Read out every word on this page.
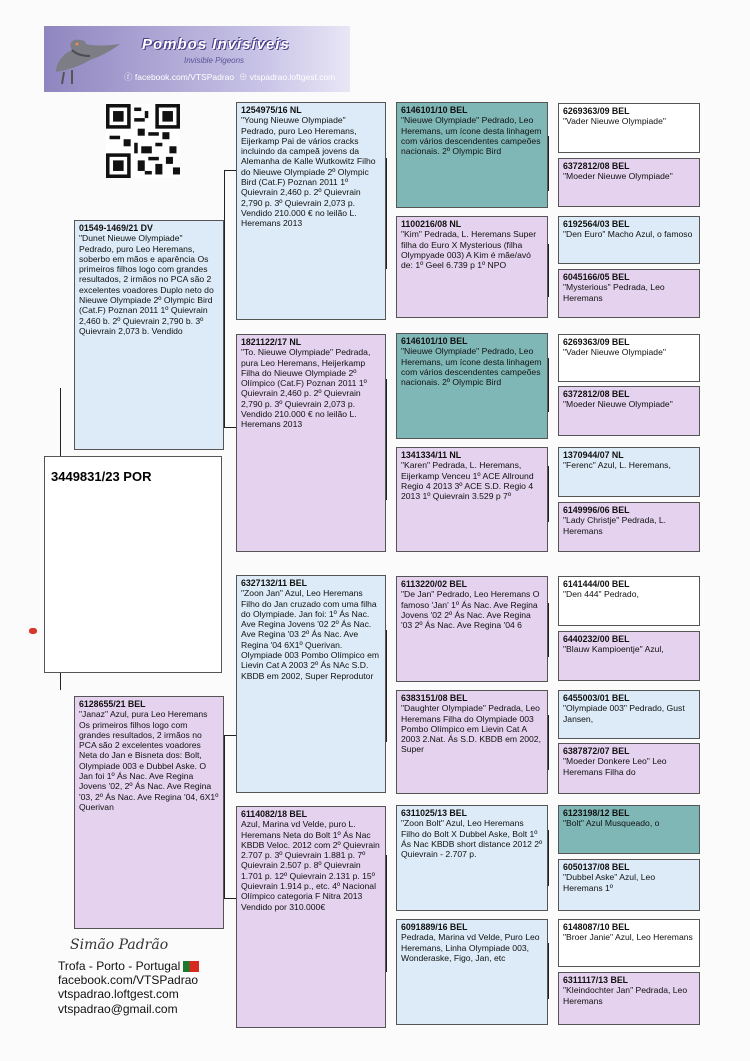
Pombos Invisíveis
Invisible Pigeons
ⓕ facebook.com/VTSPadrao  ⊕ vtspadrao.loftgest.com
01549-1469/21 DV
"Dunet Nieuwe Olympiade" Pedrado, puro Leo Heremans, soberbo em mãos e aparência Os primeiros filhos logo com grandes resultados, 2 irmãos no PCA são 2 excelentes voadores Duplo neto do Nieuwe Olympiade 2º Olympic Bird (Cat.F) Poznan 2011 1º Quievrain 2,460 b. 2º Quievrain 2,790 b. 3º Quievrain 2,073 b. Vendido
3449831/23 POR
6128655/21 BEL
"Janaz" Azul, pura Leo Heremans Os primeiros filhos logo com grandes resultados, 2 irmãos no PCA são 2 excelentes voadores Neta do Jan e Bisneta dos: Bolt, Olympiade 003 e Dubbel Aske. O Jan foi 1º Ás Nac. Ave Regina Jovens '02, 2º Ás Nac. Ave Regina '03, 2º Ás Nac. Ave Regina '04, 6X1º Querivan
1254975/16 NL
"Young Nieuwe Olympiade" Pedrado, puro Leo Heremans, Eijerkamp Pai de vários cracks incluindo da campeã jovens da Alemanha de Kalle Wutkowitz Filho do Nieuwe Olympiade 2º Olympic Bird (Cat.F) Poznan 2011 1º Quievrain 2,460 p. 2º Quievrain 2,790 p. 3º Quievrain 2,073 p. Vendido 210.000 € no leilão L. Heremans 2013
1821122/17 NL
"To. Nieuwe Olympiade" Pedrada, pura Leo Heremans, Heijerkamp Filha do Nieuwe Olympiade 2º Olímpico (Cat.F) Poznan 2011 1º Quievrain 2,460 p. 2º Quievrain 2,790 p. 3º Quievrain 2,073 p. Vendido 210.000 € no leilão L. Heremans 2013
6327132/11 BEL
"Zoon Jan" Azul, Leo Heremans Filho do Jan cruzado com uma filha do Olympiade. Jan foi: 1º Ás Nac. Ave Regina Jovens '02 2º Ás Nac. Ave Regina '03 2º Ás Nac. Ave Regina '04 6X1º Querivan. Olympiade 003 Pombo Olímpico em Lievin Cat A 2003 2º Ás NAc S.D. KBDB em 2002, Super Reprodutor
6114082/18 BEL
Azul, Marina vd Velde, puro L. Heremans Neta do Bolt 1º Ás Nac KBDB Veloc. 2012 com 2º Quievrain 2.707 p. 3º Quievrain 1.881 p. 7º Quievrain 2.507 p. 8º Quievrain 1.701 p. 12º Quievrain 2.131 p. 15º Quievrain 1.914 p., etc. 4º Nacional Olímpico categoria F Nitra 2013 Vendido por 310.000€
6146101/10 BEL
"Nieuwe Olympiade" Pedrado, Leo Heremans, um ícone desta linhagem com vários descendentes campeões nacionais. 2º Olympic Bird
1100216/08 NL
"Kim" Pedrada, L. Heremans Super filha do Euro X Mysterious (filha Olympyade 003) A Kim é mãe/avó de: 1º Geel 6.739 p 1º NPO
6146101/10 BEL
"Nieuwe Olympiade" Pedrado, Leo Heremans, um ícone desta linhagem com vários descendentes campeões nacionais. 2º Olympic Bird
1341334/11 NL
"Karen" Pedrada, L. Heremans, Eijerkamp Venceu 1º ACE Allround Regio 4 2013 3º ACE S.D. Regio 4 2013 1º Quievrain 3.529 p 7º
6113220/02 BEL
"De Jan" Pedrado, Leo Heremans O famoso 'Jan' 1º Ás Nac. Ave Regina Jovens '02 2º Ás Nac. Ave Regina '03 2º Ás Nac. Ave Regina '04 6
6383151/08 BEL
"Daughter Olympiade" Pedrada, Leo Heremans Filha do Olympiade 003 Pombo Olímpico em Lievin Cat A 2003 2.Nat. Ás S.D. KBDB em 2002, Super
6311025/13 BEL
"Zoon Bolt" Azul, Leo Heremans Filho do Bolt X Dubbel Aske, Bolt 1º Ás Nac KBDB short distance 2012 2º Quievrain - 2.707 p.
6091889/16 BEL
Pedrada, Marina vd Velde, Puro Leo Heremans, Linha Olympiade 003, Wonderaske, Figo, Jan, etc
6269363/09 BEL
"Vader Nieuwe Olympiade"
6372812/08 BEL
"Moeder Nieuwe Olympiade"
6192564/03 BEL
"Den Euro" Macho Azul, o famoso
6045166/05 BEL
"Mysterious" Pedrada, Leo Heremans
6269363/09 BEL
"Vader Nieuwe Olympiade"
6372812/08 BEL
"Moeder Nieuwe Olympiade"
1370944/07 NL
"Ferenc" Azul, L. Heremans,
6149996/06 BEL
"Lady Christje" Pedrada, L. Heremans
6141444/00 BEL
"Den 444" Pedrado,
6440232/00 BEL
"Blauw Kampioentje" Azul,
6455003/01 BEL
"Olympiade 003" Pedrado, Gust Jansen,
6387872/07 BEL
"Moeder Donkere Leo" Leo Heremans Filha do
6123198/12 BEL
"Bolt" Azul Musqueado, o
6050137/08 BEL
"Dubbel Aske" Azul, Leo Heremans 1º
6148087/10 BEL
"Broer Janie" Azul, Leo Heremans
6311117/13 BEL
"Kleindochter Jan" Pedrada, Leo Heremans
Simão Padrão
Trofa - Porto - Portugal
facebook.com/VTSPadrao
vtspadrao.loftgest.com
vtspadrao@gmail.com
